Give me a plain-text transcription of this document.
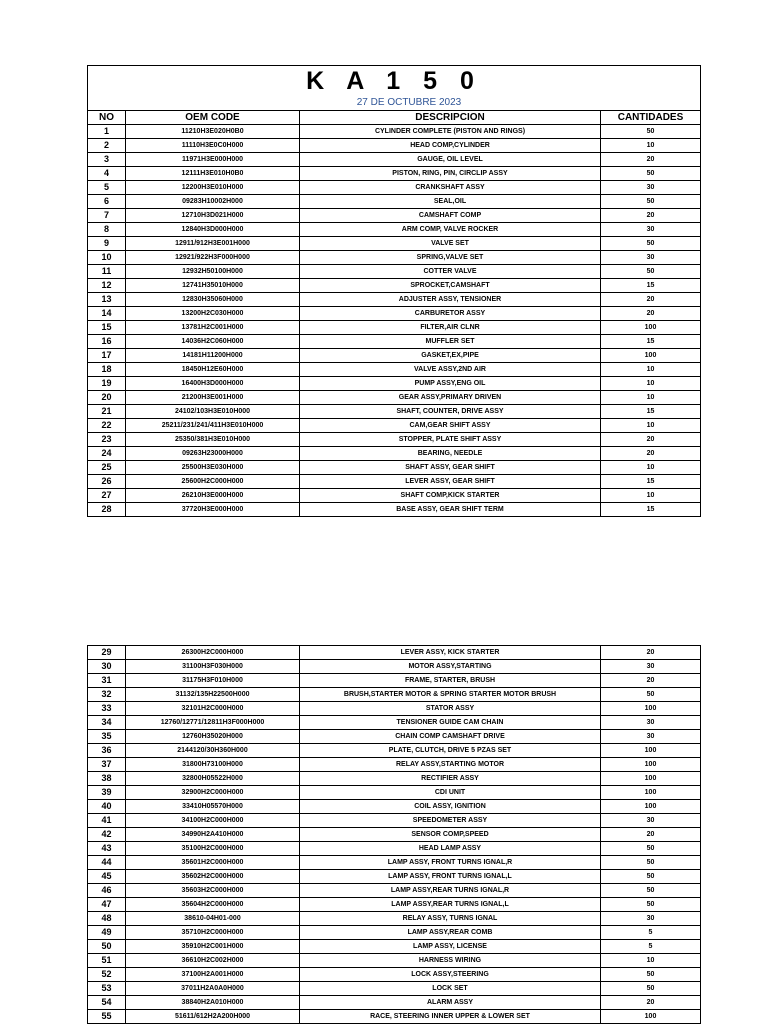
K A 1 5 0			
27 DE OCTUBRE 2023			
NO	OEM CODE	DESCRIPCION	CANTIDADES
1	11210H3E020H0B0	CYLINDER COMPLETE (PISTON AND RINGS)	50
2	11110H3E0C0H000	HEAD COMP,CYLINDER	10
3	11971H3E000H000	GAUGE, OIL LEVEL	20
4	12111H3E010H0B0	PISTON, RING, PIN, CIRCLIP ASSY	50
5	12200H3E010H000	CRANKSHAFT ASSY	30
6	09283H10002H000	SEAL,OIL	50
7	12710H3D021H000	CAMSHAFT COMP	20
8	12840H3D000H000	ARM COMP, VALVE ROCKER	30
9	12911/912H3E001H000	VALVE SET	50
10	12921/922H3F000H000	SPRING,VALVE SET	30
11	12932H50100H000	COTTER VALVE	50
12	12741H35010H000	SPROCKET,CAMSHAFT	15
13	12830H35060H000	ADJUSTER ASSY, TENSIONER	20
14	13200H2C030H000	CARBURETOR ASSY	20
15	13781H2C001H000	FILTER,AIR CLNR	100
16	14036H2C060H000	MUFFLER SET	15
17	14181H11200H000	GASKET,EX,PIPE	100
18	18450H12E60H000	VALVE ASSY,2ND AIR	10
19	16400H3D000H000	PUMP ASSY,ENG OIL	10
20	21200H3E001H000	GEAR ASSY,PRIMARY DRIVEN	10
21	24102/103H3E010H000	SHAFT, COUNTER, DRIVE ASSY	15
22	25211/231/241/411H3E010H000	CAM,GEAR SHIFT ASSY	10
23	25350/381H3E010H000	STOPPER, PLATE SHIFT ASSY	20
24	09263H23000H000	BEARING, NEEDLE	20
25	25500H3E030H000	SHAFT ASSY, GEAR SHIFT	10
26	25600H2C000H000	LEVER ASSY, GEAR SHIFT	15
27	26210H3E000H000	SHAFT COMP,KICK STARTER	10
28	37720H3E000H000	BASE ASSY, GEAR SHIFT TERM	15
29	26300H2C000H000	LEVER ASSY, KICK STARTER	20
30	31100H3F030H000	MOTOR ASSY,STARTING	30
31	31175H3F010H000	FRAME, STARTER, BRUSH	20
32	31132/135H22500H000	BRUSH,STARTER MOTOR & SPRING STARTER MOTOR BRUSH	50
33	32101H2C000H000	STATOR ASSY	100
34	12760/12771/12811H3F000H000	TENSIONER GUIDE CAM CHAIN	30
35	12760H35020H000	CHAIN COMP CAMSHAFT DRIVE	30
36	2144120/30H360H000	PLATE, CLUTCH, DRIVE 5 PZAS SET	100
37	31800H73100H000	RELAY ASSY,STARTING MOTOR	100
38	32800H05522H000	RECTIFIER ASSY	100
39	32900H2C000H000	CDI UNIT	100
40	33410H05570H000	COIL ASSY, IGNITION	100
41	34100H2C000H000	SPEEDOMETER ASSY	30
42	34990H2A410H000	SENSOR COMP,SPEED	20
43	35100H2C000H000	HEAD LAMP ASSY	50
44	35601H2C000H000	LAMP ASSY, FRONT TURNS IGNAL,R	50
45	35602H2C000H000	LAMP ASSY, FRONT TURNS IGNAL,L	50
46	35603H2C000H000	LAMP ASSY,REAR TURNS IGNAL,R	50
47	35604H2C000H000	LAMP ASSY,REAR TURNS IGNAL,L	50
48	38610-04H01-000	RELAY ASSY, TURNS IGNAL	30
49	35710H2C000H000	LAMP ASSY,REAR COMB	5
50	35910H2C001H000	LAMP ASSY, LICENSE	5
51	36610H2C002H000	HARNESS WIRING	10
52	37100H2A001H000	LOCK ASSY,STEERING	50
53	37011H2A0A0H000	LOCK SET	50
54	38840H2A010H000	ALARM ASSY	20
55	51611/612H2A200H000	RACE, STEERING INNER UPPER & LOWER SET	100
